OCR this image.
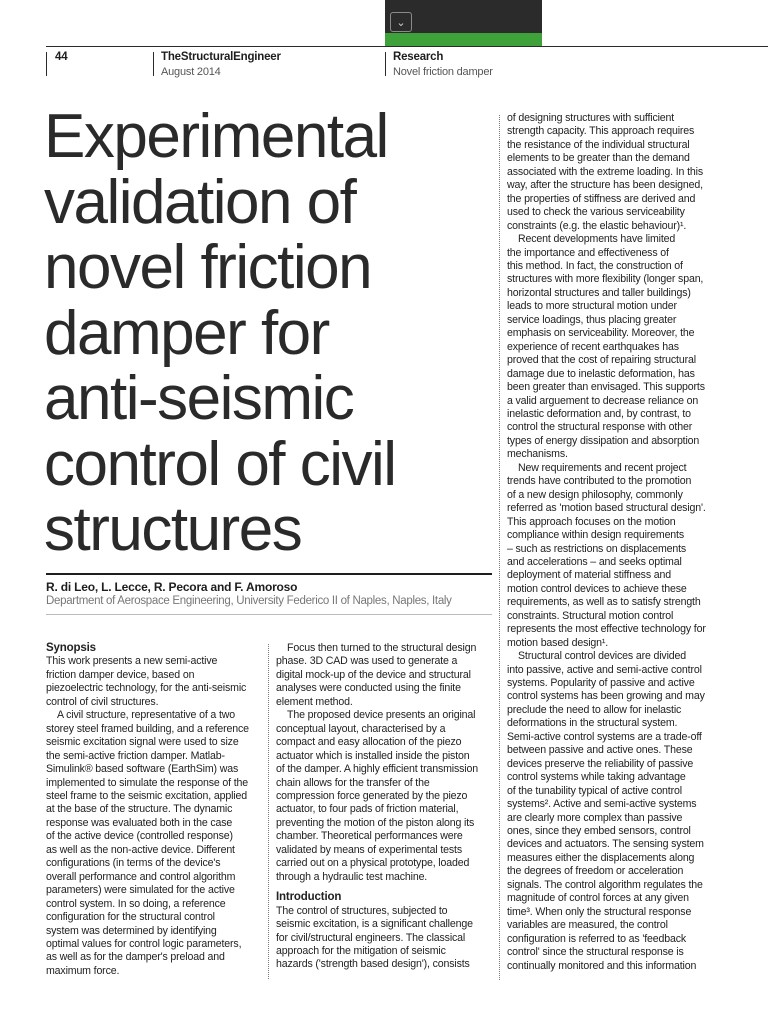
⌄
44	TheStructuralEngineer
August 2014
Research
Novel friction damper
Experimental
validation of
novel friction
damper for
anti-seismic
control of civil
structures
R. di Leo, L. Lecce, R. Pecora and F. Amoroso
Department of Aerospace Engineering, University Federico II of Naples, Naples, Italy
Synopsis
This work presents a new semi-active
friction damper device, based on
piezoelectric technology, for the anti-seismic
control of civil structures.
A civil structure, representative of a two
storey steel framed building, and a reference
seismic excitation signal were used to size
the semi-active friction damper. Matlab-
Simulink® based software (EarthSim) was
implemented to simulate the response of the
steel frame to the seismic excitation, applied
at the base of the structure. The dynamic
response was evaluated both in the case
of the active device (controlled response)
as well as the non-active device. Different
configurations (in terms of the device's
overall performance and control algorithm
parameters) were simulated for the active
control system. In so doing, a reference
configuration for the structural control
system was determined by identifying
optimal values for control logic parameters,
as well as for the damper's preload and
maximum force.
Focus then turned to the structural design
phase. 3D CAD was used to generate a
digital mock-up of the device and structural
analyses were conducted using the finite
element method.
The proposed device presents an original
conceptual layout, characterised by a
compact and easy allocation of the piezo
actuator which is installed inside the piston
of the damper. A highly efficient transmission
chain allows for the transfer of the
compression force generated by the piezo
actuator, to four pads of friction material,
preventing the motion of the piston along its
chamber. Theoretical performances were
validated by means of experimental tests
carried out on a physical prototype, loaded
through a hydraulic test machine.
Introduction
The control of structures, subjected to
seismic excitation, is a significant challenge
for civil/structural engineers. The classical
approach for the mitigation of seismic
hazards ('strength based design'), consists
of designing structures with sufficient
strength capacity. This approach requires
the resistance of the individual structural
elements to be greater than the demand
associated with the extreme loading. In this
way, after the structure has been designed,
the properties of stiffness are derived and
used to check the various serviceability
constraints (e.g. the elastic behaviour)¹.
Recent developments have limited
the importance and effectiveness of
this method. In fact, the construction of
structures with more flexibility (longer span,
horizontal structures and taller buildings)
leads to more structural motion under
service loadings, thus placing greater
emphasis on serviceability. Moreover, the
experience of recent earthquakes has
proved that the cost of repairing structural
damage due to inelastic deformation, has
been greater than envisaged. This supports
a valid arguement to decrease reliance on
inelastic deformation and, by contrast, to
control the structural response with other
types of energy dissipation and absorption
mechanisms.
New requirements and recent project
trends have contributed to the promotion
of a new design philosophy, commonly
referred as 'motion based structural design'.
This approach focuses on the motion
compliance within design requirements
– such as restrictions on displacements
and accelerations – and seeks optimal
deployment of material stiffness and
motion control devices to achieve these
requirements, as well as to satisfy strength
constraints. Structural motion control
represents the most effective technology for
motion based design¹.
Structural control devices are divided
into passive, active and semi-active control
systems. Popularity of passive and active
control systems has been growing and may
preclude the need to allow for inelastic
deformations in the structural system.
Semi-active control systems are a trade-off
between passive and active ones. These
devices preserve the reliability of passive
control systems while taking advantage
of the tunability typical of active control
systems². Active and semi-active systems
are clearly more complex than passive
ones, since they embed sensors, control
devices and actuators. The sensing system
measures either the displacements along
the degrees of freedom or acceleration
signals. The control algorithm regulates the
magnitude of control forces at any given
time³. When only the structural response
variables are measured, the control
configuration is referred to as 'feedback
control' since the structural response is
continually monitored and this information
